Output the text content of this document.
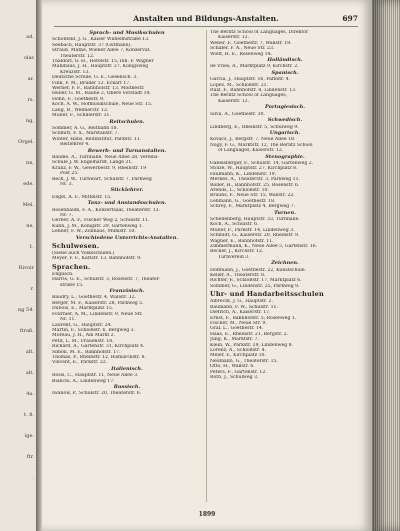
ad.
olas
ar.
rs.
ng,
Orgel.
nn,
ede.
Mel.
ne,
1.
Rivoir
r.
ng 54.
ftraß.
alt.
alt.
4a.
t. 8.
ige.
ftr.
.
Anstalten und Bildungs-Anstalten.	697
Sprach- und Musikschulen
Schönfeld, J. G., Kaiser Wilhelmstraße 13.
Seebach, Hauptstr. 37 (Gutmann).
Strauß, Mathe, Wiener Allee 7, Konservat.
Theaterstr. 12.
Thaldorf, G. H., Hotelstr. 15, Inh. F. Wagner
Mahlhaus, J. H., Hauptstr. 27, Königsweg
Kreuzstr. 13.
Deutsche Schule, G. E., Gesellsch. 3.
Fink, F. M., Brüder 12. Eckart 17.
Werner, F. F., Bahnhofstr. 13, Moltkestr.
Heller, G. M., Rauhe 2, Obere Vorstadt 14.
Höhn, F., Goethestr. 9.
Koch, A. W., Hofmusikschule, Neue Str. 15.
Lang, B., Wellnerstr. 12.
Müller, F., Schillerstr. 31.
Reitschulen.
Sommer, A. G., Reitbahn 18.
Schmitt, F. X., Marstallstr. 7.
Winter, Hans, Reitinstitut, Parkstr. 11.
Reitlehrer 4.
Bewerb- und Turnanstalten.
Baume, A., Turnhalle, Neue Allee 28, Vereins-
Schule J. W. Engelhardt, Lange 31.
Kranz, F. W., Gewerbestr. 9, Rheinstr. 19
Post 25.
Beck, J. W., Turnwart, Schulstr. 7, Parkweg
Nr. 3.
Sticklehrer.
Engel, A. F., Mittelstr. 15.
Tanz- und Anstandsschulen.
Rosenbaum, F. A., Konzertsaal, Theaterstr. 13.
Nr. 7.
Gerber, A. F., Fischer Weg 2, Schulstr. 11.
Kuhn, J. M., Königstr. 29, Gartenweg 1.
Lehner, F. W., Zollhaus, Mühlstr. 10.
Verschiedene Unterrichts-Anstalten.
Schulwesen.
(Siehe auch Volksschulen.)
Meyer, F. F., Karlstr. 13, Bahnhofstr. 9.
Sprachen.
Englisch.
Harris, G. E., Schulstr. 3, Rosenstr. 7, Theater-
straße 15.
Französisch.
Baudry, L., Goethestr. 4, Wallstr. 12.
Berger, M. F., Kaiserstr. 28, Parkweg 5.
Dubois, E., Marktplatz 15.
Fournier, A. M., Lindenstr. 9, Neue Str.
Nr. 11.
Laurent, G., Hauptstr. 24.
Martin, F., Schloßstr. 6, Bergweg 3.
Moreau, J. H., Am Markt 2.
Petit, L. M., Frauenstr. 18.
Richard, A., Gartenstr. 31, Kirchplatz 4.
Simon, M. E., Bahnhofstr. 17.
Thomas, P., Rheinstr. 12, Bismarckstr. 8.
Vincent, E., Parkstr. 22.
Italienisch.
Rossi, C., Hauptstr. 11, Neue Allee 3.
Bianchi, A., Lindenweg 17.
Russisch.
Iwanow, P., Schulstr. 20, Theaterstr. 6.
The Berlitz School of Languages, Direktor
Kaiserstr. 12.
Weber, F., Goethestr. 7, Wallstr. 19.
Schäfer, F. A., Neue Str. 23.
Wolff, H. E., Rosenweg 14.
Holländisch.
de Vries, A., Marktplatz 9, Kirchstr. 2.
Spanisch.
Garcia, J., Hauptstr. 16, Parkstr. 4.
Lopez, M., Schloßstr. 21.
Ruiz, F., Bahnhofstr. 8, Lindenstr. 13.
The Berlitz School of Languages,
Kaiserstr. 12.
Portugiesisch.
Silva, A., Goethestr. 30.
Schwedisch.
Lindberg, E., Rheinstr. 5, Schulweg 9.
Ungarisch.
Kovacs, J., Bergstr. 7, Neue Allee 18.
Nagy, F. G., Marktstr. 12, The Berlitz School
of Languages, Kaiserstr. 12.
Stenographie.
Gabelsberger, F., Schulstr. 14, Gartenweg 2.
Stolze, W., Hauptstr. 27, Kirchplatz 8.
Faulmann, K., Lindenstr. 19.
Merkes, A., Theaterstr. 3, Parkweg 11.
Roller, H., Bahnhofstr. 25, Rosenstr. 6.
Arends, L., Schloßstr. 10.
Brauns, F., Neue Str. 15, Wallstr. 22.
Lehmann, G., Goethestr. 18.
Schrey, F., Marktplatz 4, Bergweg 7.
Turnen.
Schellenberg, Hauptstr. 33, Turnhalle.
Koch, A., Schulstr. 6.
Müller, F., Parkstr. 14, Lindenweg 3.
Schmidt, G., Kaiserstr. 20, Rheinstr. 9.
Wagner, E., Bahnhofstr. 11.
Zimmermann, K., Neue Allee 5, Gartenstr. 16.
Becker, J., Kirchstr. 12.
Turnverein 3.
Zeichnen.
Hoffmann, J., Goethestr. 22, Kunstschule.
Keller, A., Theaterstr. 8.
Richter, F., Schloßstr. 17, Marktplatz 6.
Sommer, G., Lindenstr. 25, Parkweg 9.
Uhr- und Handarbeitsschulen
Albrecht, J. G., Hauptstr. 2.
Baumann, F. W., Schulstr. 11.
Dietrich, A., Kaiserstr. 17.
Ernst, F., Bahnhofstr. 5, Rosenweg 1.
Fischer, M., Neue Str. 9.
Graf, L., Goethestr. 14.
Haas, E., Rheinstr. 21, Bergstr. 2.
Jung, K., Marktstr. 7.
Klein, W., Parkstr. 19, Lindenweg 8.
Lorenz, A., Schloßstr. 4.
Meier, F., Kirchplatz 10.
Neumann, G., Theaterstr. 15.
Otto, H., Wallstr. 6.
Peters, F., Gartenstr. 12.
Roth, J., Schulweg 3.
1899
